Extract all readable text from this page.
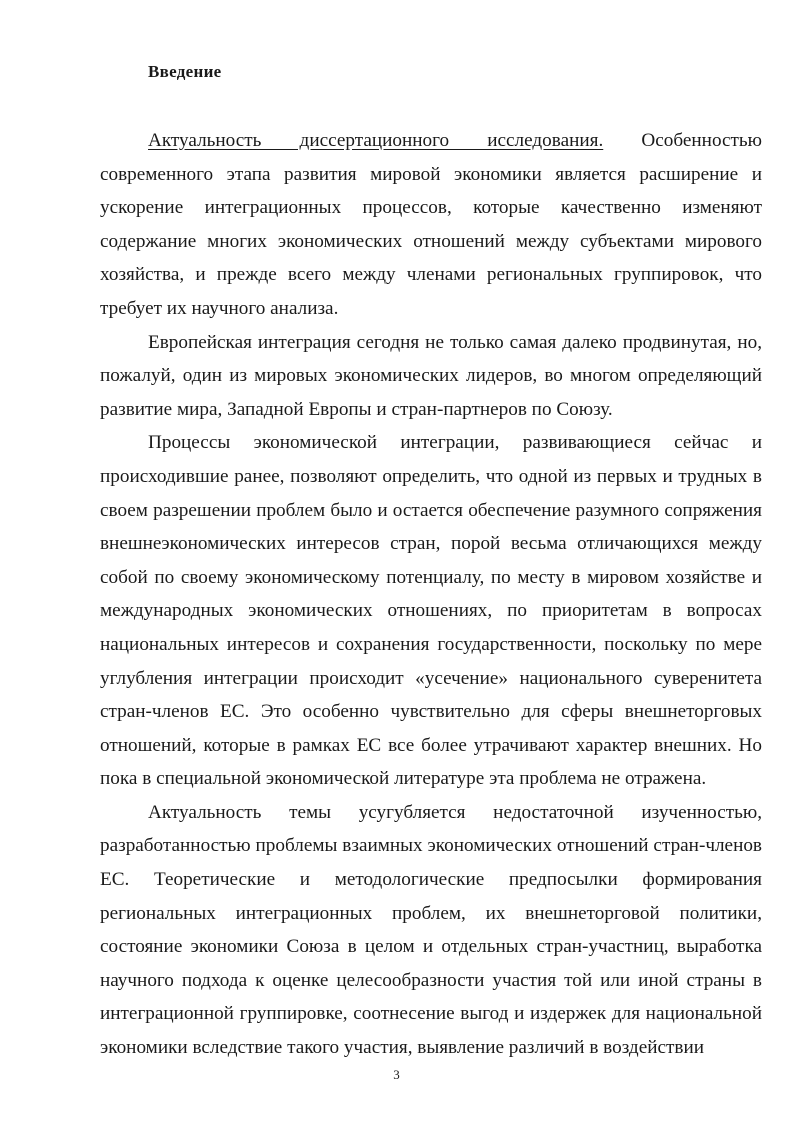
Введение

Актуальность диссертационного исследования. Особенностью современного этапа развития мировой экономики является расширение и ускорение интеграционных процессов, которые качественно изменяют содержание многих экономических отношений между субъектами мирового хозяйства, и прежде всего между членами региональных группировок, что требует их научного анализа.

Европейская интеграция сегодня не только самая далеко продвинутая, но, пожалуй, один из мировых экономических лидеров, во многом определяющий развитие мира, Западной Европы и стран-партнеров по Союзу.

Процессы экономической интеграции, развивающиеся сейчас и происходившие ранее, позволяют определить, что одной из первых и трудных в своем разрешении проблем было и остается обеспечение разумного сопряжения внешнеэкономических интересов стран, порой весьма отличающихся между собой по своему экономическому потенциалу, по месту в мировом хозяйстве и международных экономических отношениях, по приоритетам в вопросах национальных интересов и сохранения государственности, поскольку по мере углубления интеграции происходит «усечение» национального суверенитета стран-членов ЕС. Это особенно чувствительно для сферы внешнеторговых отношений, которые в рамках ЕС все более утрачивают характер внешних. Но пока в специальной экономической литературе эта проблема не отражена.

Актуальность темы усугубляется недостаточной изученностью, разработанностью проблемы взаимных экономических отношений стран-членов ЕС. Теоретические и методологические предпосылки формирования региональных интеграционных проблем, их внешнеторговой политики, состояние экономики Союза в целом и отдельных стран-участниц, выработка научного подхода к оценке целесообразности участия той или иной страны в интеграционной группировке, соотнесение выгод и издержек для национальной экономики вследствие такого участия, выявление различий в воздействии

3
